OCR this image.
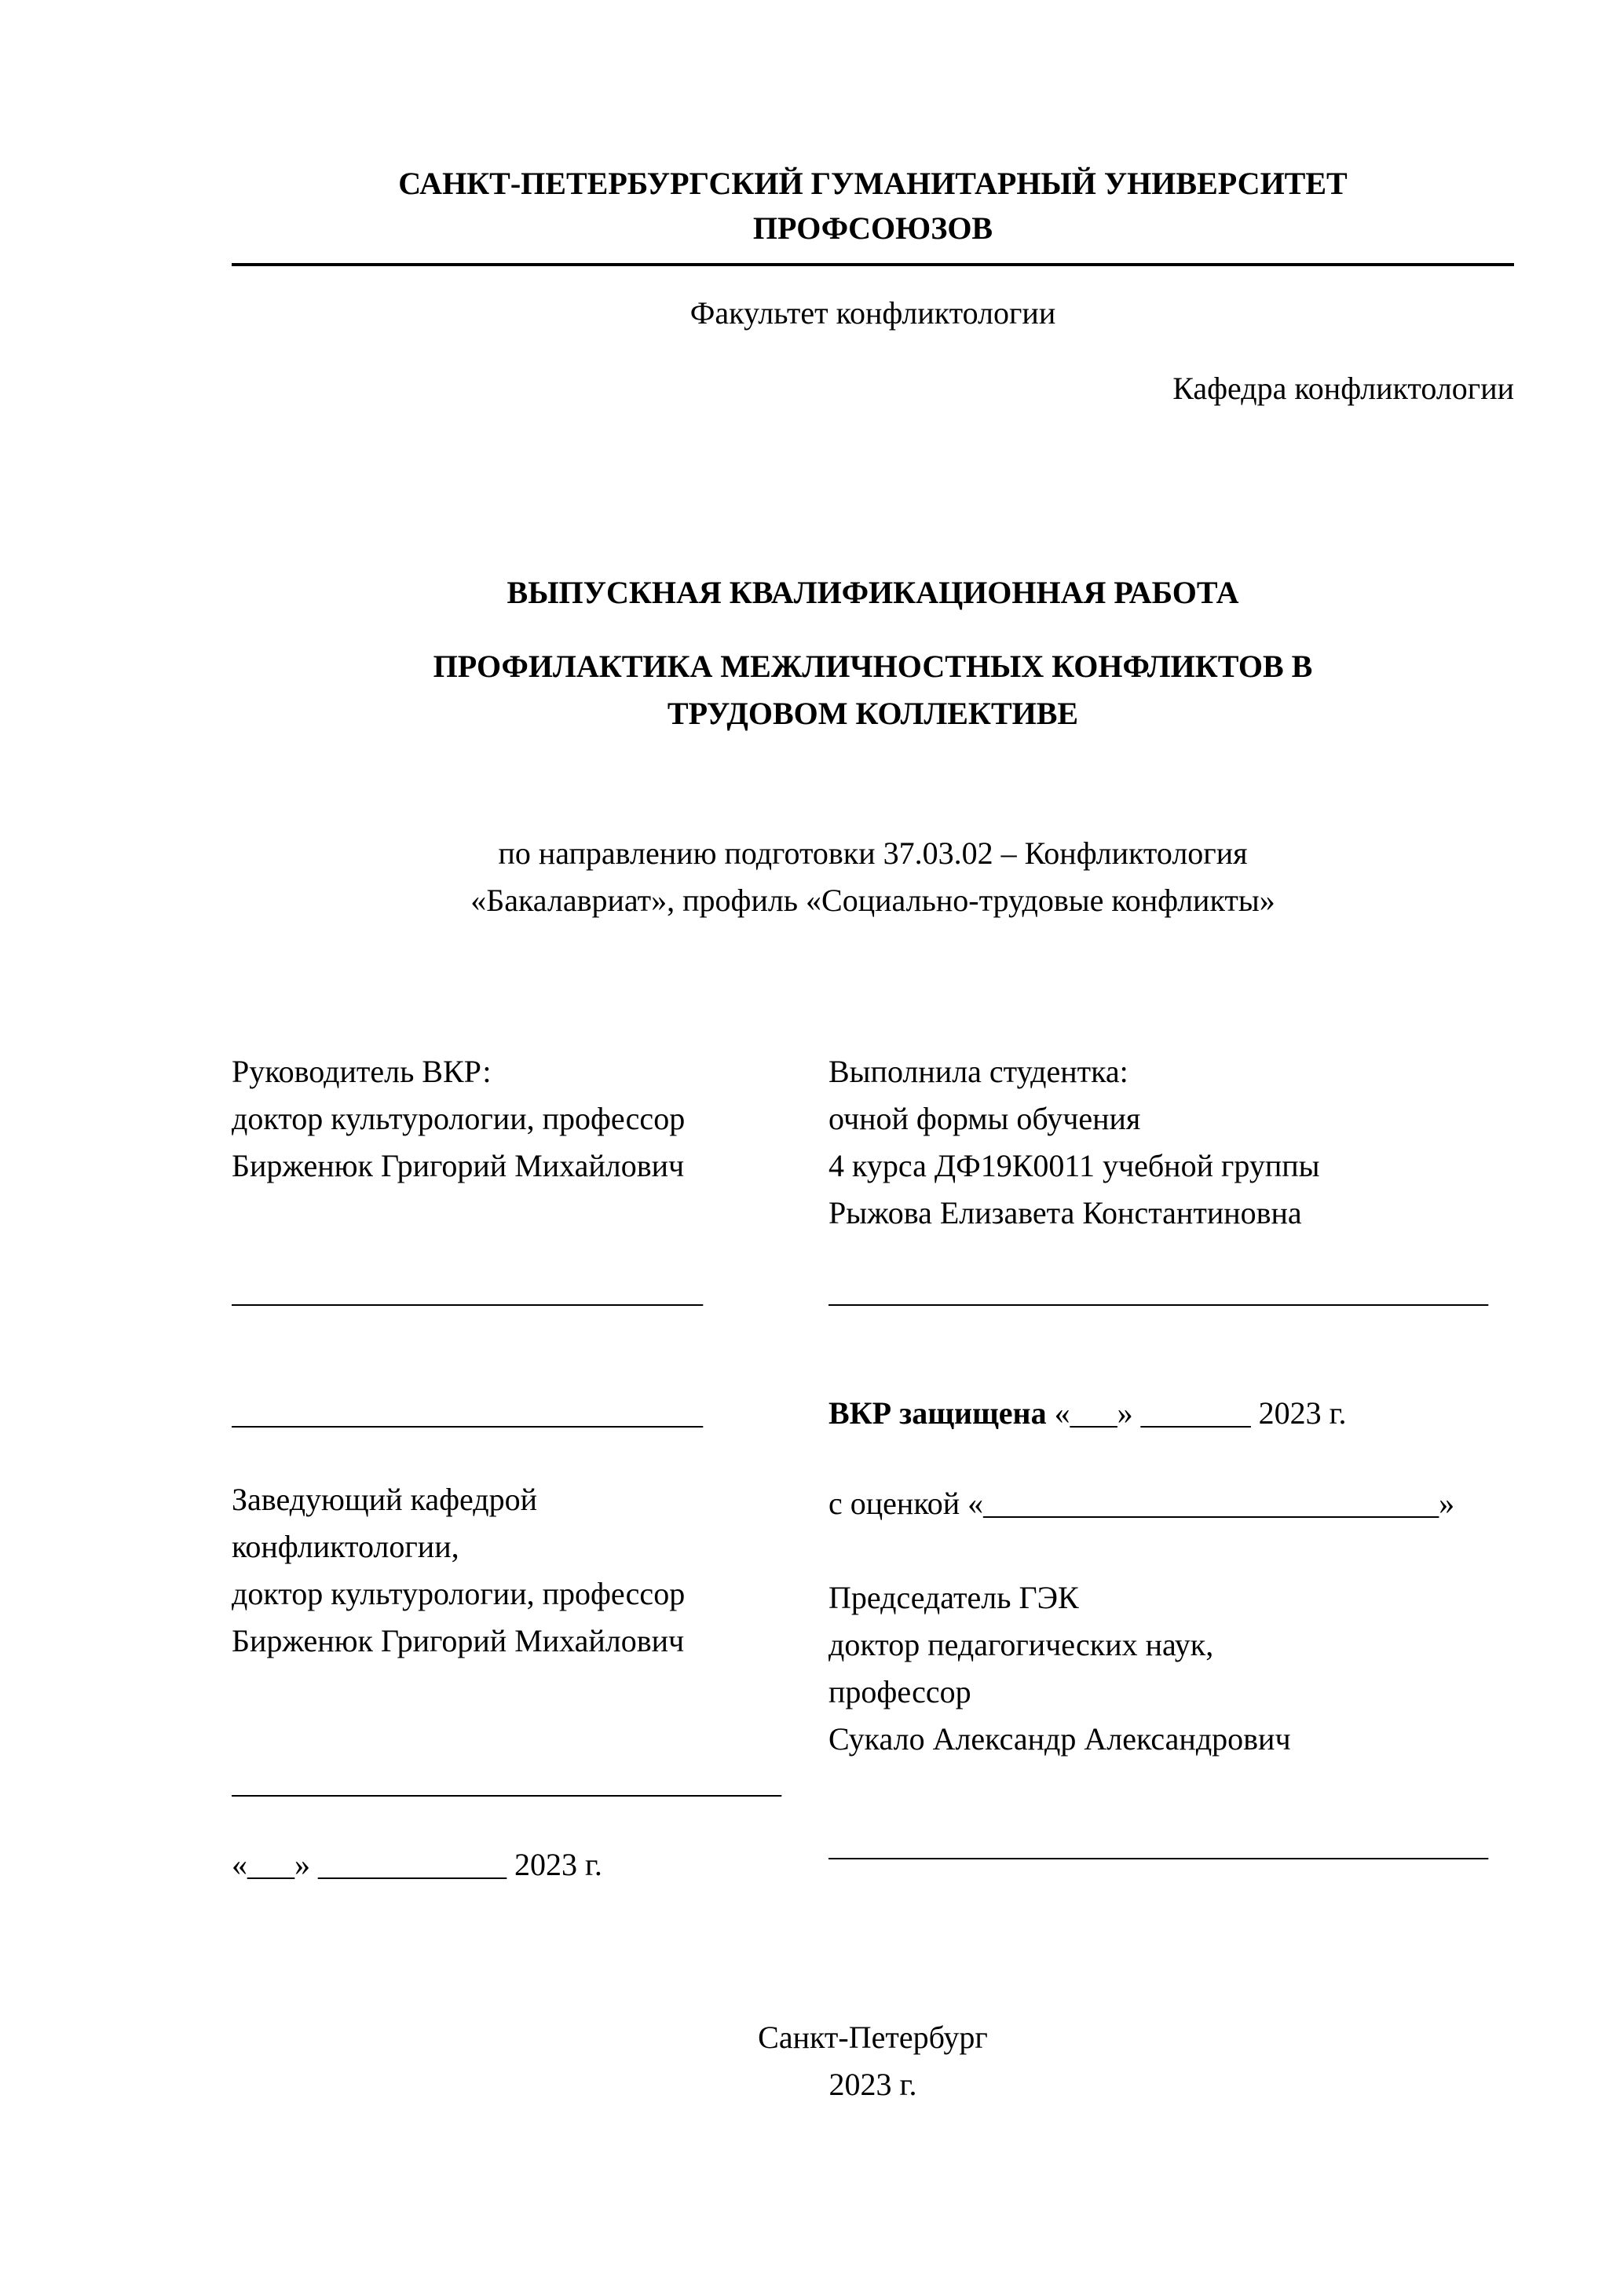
САНКТ-ПЕТЕРБУРГСКИЙ ГУМАНИТАРНЫЙ УНИВЕРСИТЕТ
ПРОФСОЮЗОВ
Факультет конфликтологии
Кафедра конфликтологии
ВЫПУСКНАЯ КВАЛИФИКАЦИОННАЯ РАБОТА
ПРОФИЛАКТИКА МЕЖЛИЧНОСТНЫХ КОНФЛИКТОВ В
ТРУДОВОМ КОЛЛЕКТИВЕ
по направлению подготовки 37.03.02 – Конфликтология
«Бакалавриат», профиль «Социально-трудовые конфликты»
Руководитель ВКР:
доктор культурологии, профессор
Бирженюк Григорий Михайлович
______________________________
______________________________
Заведующий кафедрой
конфликтологии,
доктор культурологии, профессор
Бирженюк Григорий Михайлович
___________________________________
«___» ____________ 2023 г.
Выполнила студентка:
очной формы обучения
4 курса ДФ19К0011 учебной группы
Рыжова Елизавета Константиновна
__________________________________________
ВКР защищена «___» _______ 2023 г.
с оценкой «_____________________________»
Председатель ГЭК
доктор педагогических наук,
профессор
Сукало Александр Александрович
__________________________________________
Санкт-Петербург
2023 г.
